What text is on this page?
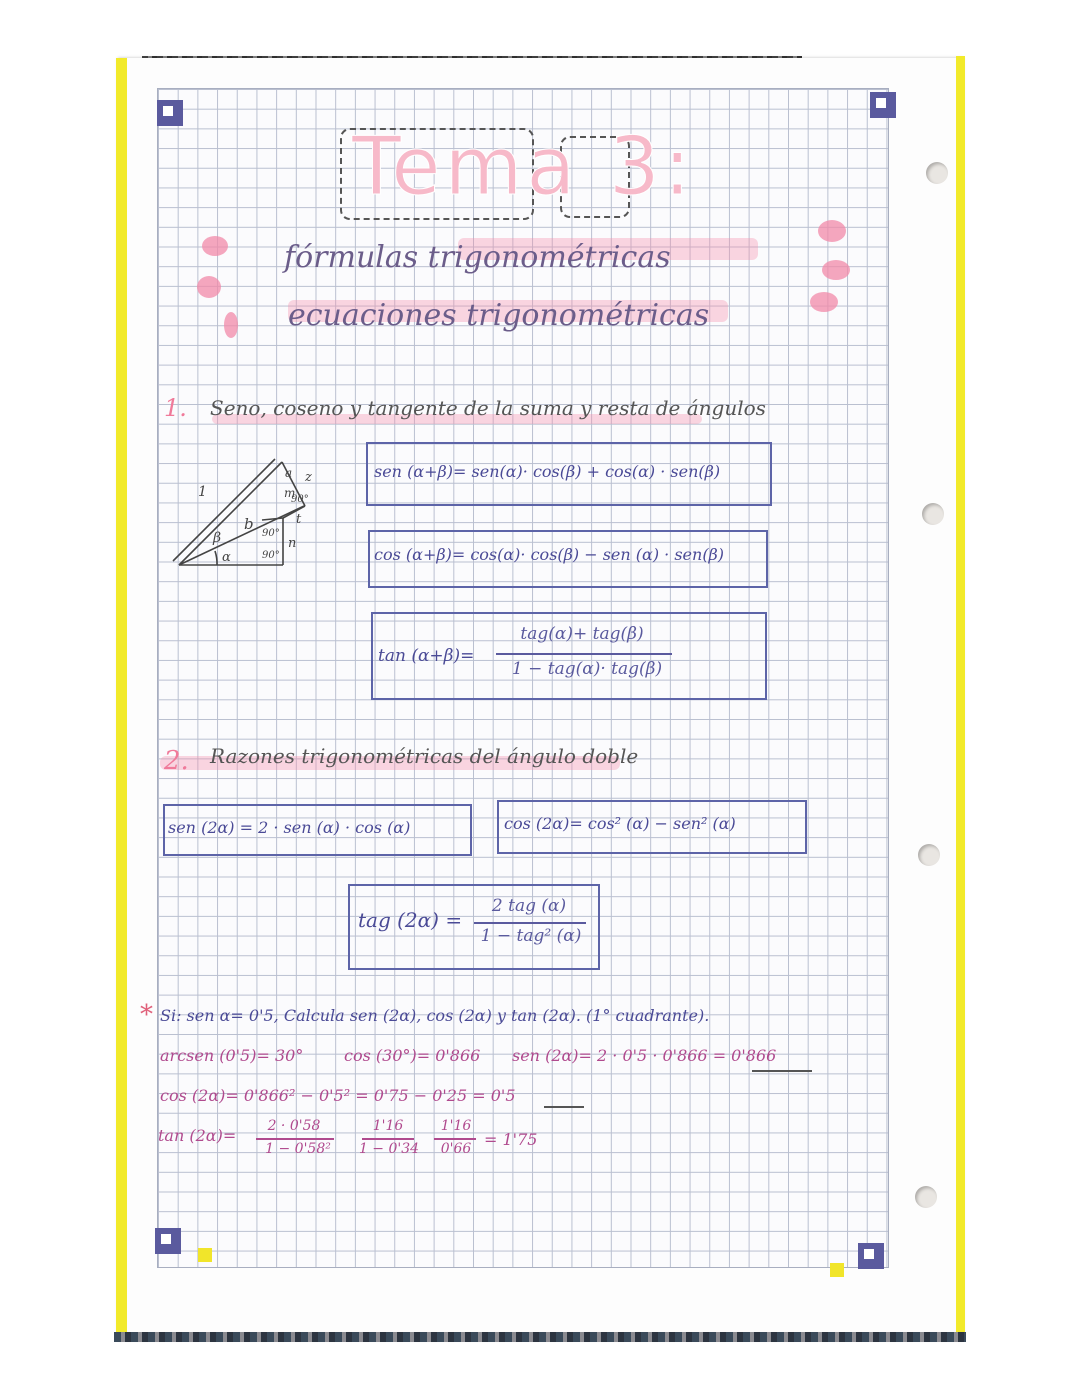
Tema 3:
fórmulas trigonométricas
ecuaciones trigonométricas
1. Seno, coseno y tangente de la suma y resta de ángulos
1
β
α
b
a z
m
t
n
90°
90°
90°
sen (α+β)= sen(α)· cos(β) + cos(α) · sen(β)
cos (α+β)= cos(α)· cos(β) − sen (α) · sen(β)
tan (α+β)=
tag(α)+ tag(β)
1 − tag(α)· tag(β)
2. Razones trigonométricas del ángulo doble
sen (2α) = 2 · sen (α) · cos (α)	cos (2α)= cos² (α) − sen² (α)
tag (2α) =
2 tag (α)
1 − tag² (α)
* Si: sen α= 0'5, Calcula sen (2α), cos (2α) y tan (2α). (1° cuadrante).
arcsen (0'5)= 30°	cos (30°)= 0'866 sen (2α)= 2 · 0'5 · 0'866 = 0'866
cos (2α)= 0'866² − 0'5² = 0'75 − 0'25 = 0'5
tan (2α)=	2 · 0'58
1 − 0'58²
1'16
1 − 0'34
1'16
0'66 = 1'75
